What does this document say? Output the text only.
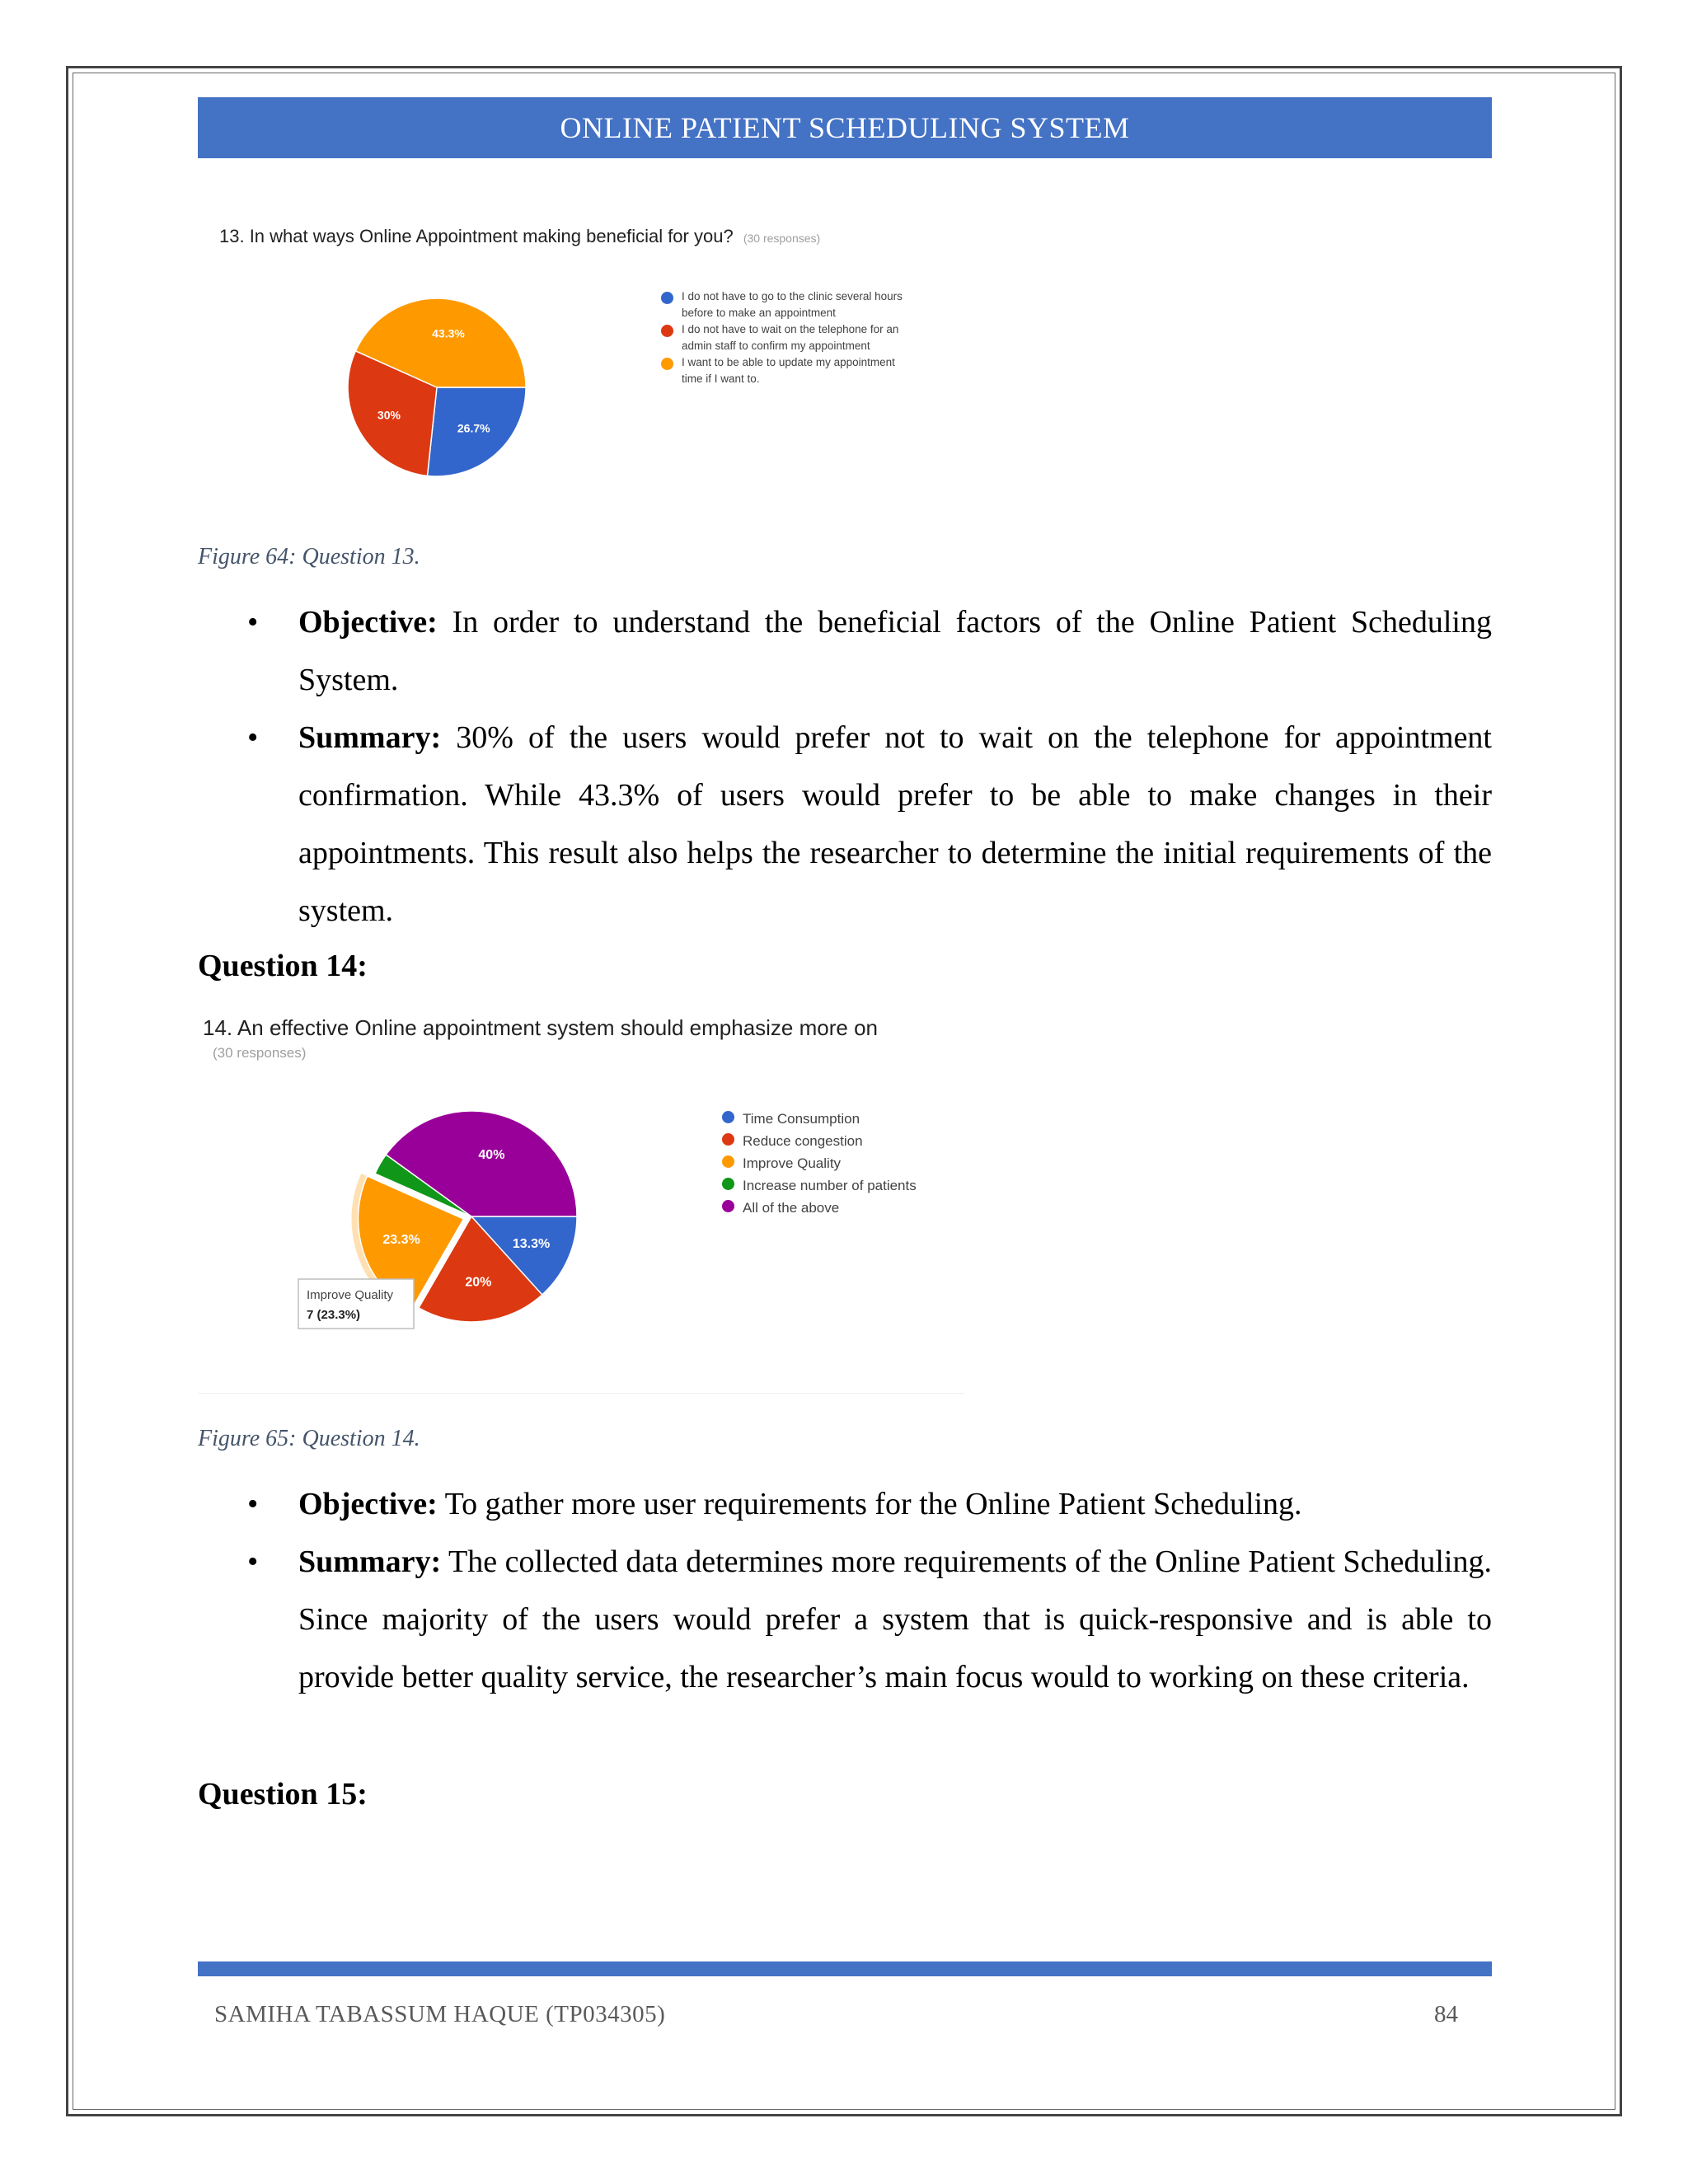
ONLINE PATIENT SCHEDULING SYSTEM
13. In what ways Online Appointment making beneficial for you? (30 responses)
26.7%
30%
43.3%
I do not have to go to the clinic several hours before to make an appointment
I do not have to wait on the telephone for an admin staff to confirm my appointment
I want to be able to update my appointment time if I want to.
Figure 64: Question 13.
• Objective: In order to understand the beneficial factors of the Online Patient Scheduling System.
• Summary: 30% of the users would prefer not to wait on the telephone for appointment confirmation. While 43.3% of users would prefer to be able to make changes in their appointments. This result also helps the researcher to determine the initial requirements of the system.
Question 14:
14. An effective Online appointment system should emphasize more on
(30 responses)
13.3%
20%
23.3%
40%
Improve Quality
7 (23.3%)
Time Consumption
Reduce congestion
Improve Quality
Increase number of patients
All of the above
Figure 65: Question 14.
• Objective: To gather more user requirements for the Online Patient Scheduling.
• Summary: The collected data determines more requirements of the Online Patient Scheduling. Since majority of the users would prefer a system that is quick-responsive and is able to provide better quality service, the researcher’s main focus would to working on these criteria.
Question 15:
SAMIHA TABASSUM HAQUE (TP034305)	84
